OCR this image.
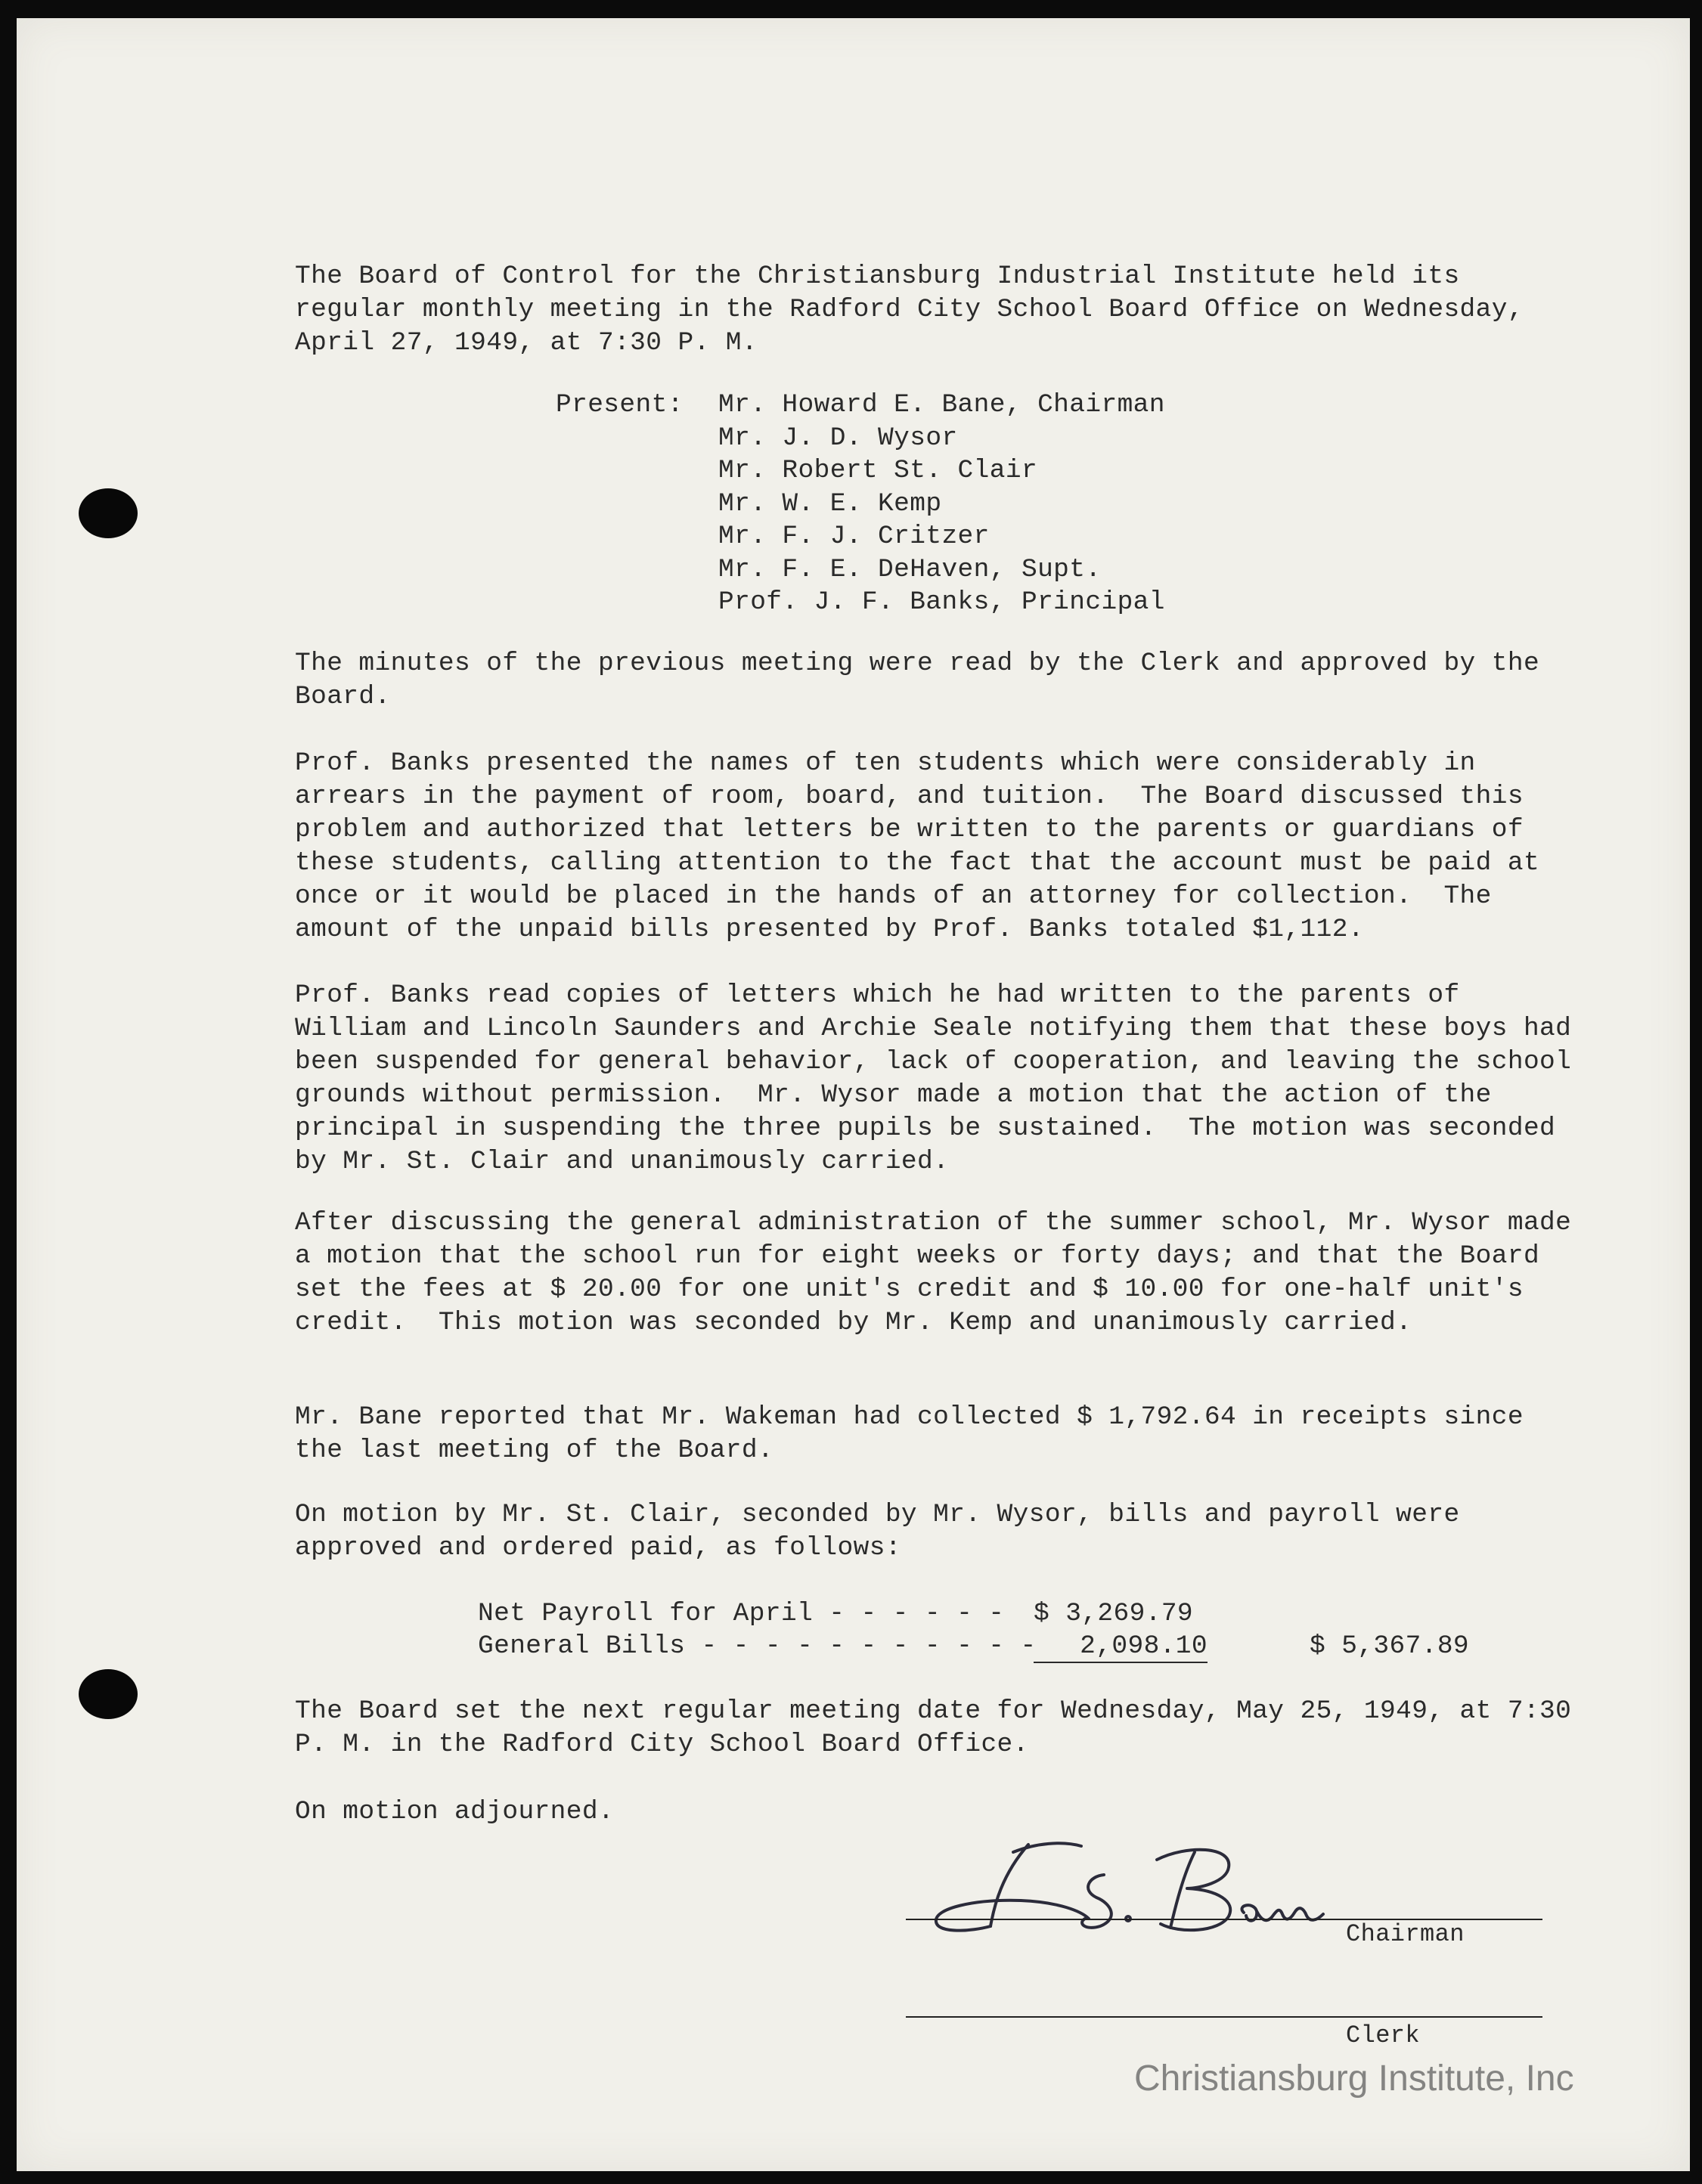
The Board of Control for the Christiansburg Industrial Institute held its regular monthly meeting in the Radford City School Board Office on Wednesday, April 27, 1949, at 7:30 P. M.

Present: Mr. Howard E. Bane, Chairman
Mr. J. D. Wysor
Mr. Robert St. Clair
Mr. W. E. Kemp
Mr. F. J. Critzer
Mr. F. E. DeHaven, Supt.
Prof. J. F. Banks, Principal

The minutes of the previous meeting were read by the Clerk and approved by the Board.

Prof. Banks presented the names of ten students which were considerably in arrears in the payment of room, board, and tuition.  The Board discussed this problem and authorized that letters be written to the parents or guardians of these students, calling attention to the fact that the account must be paid at once or it would be placed in the hands of an attorney for collection.  The amount of the unpaid bills presented by Prof. Banks totaled $1,112.

Prof. Banks read copies of letters which he had written to the parents of William and Lincoln Saunders and Archie Seale notifying them that these boys had been suspended for general behavior, lack of cooperation, and leaving the school grounds without permission.  Mr. Wysor made a motion that the action of the principal in suspending the three pupils be sustained.  The motion was seconded by Mr. St. Clair and unanimously carried.

After discussing the general administration of the summer school, Mr. Wysor made a motion that the school run for eight weeks or forty days; and that the Board set the fees at $ 20.00 for one unit's credit and $ 10.00 for one-half unit's credit.  This motion was seconded by Mr. Kemp and unanimously carried.

Mr. Bane reported that Mr. Wakeman had collected $ 1,792.64 in receipts since the last meeting of the Board.

On motion by Mr. St. Clair, seconded by Mr. Wysor, bills and payroll were approved and ordered paid, as follows:

Net Payroll for April - - - - - - $ 3,269.79
General Bills - - - - - - - - - - -	2,098.10	$ 5,367.89

The Board set the next regular meeting date for Wednesday, May 25, 1949, at 7:30 P. M. in the Radford City School Board Office.

On motion adjourned.

Chairman
Clerk
Christiansburg Institute, Inc
